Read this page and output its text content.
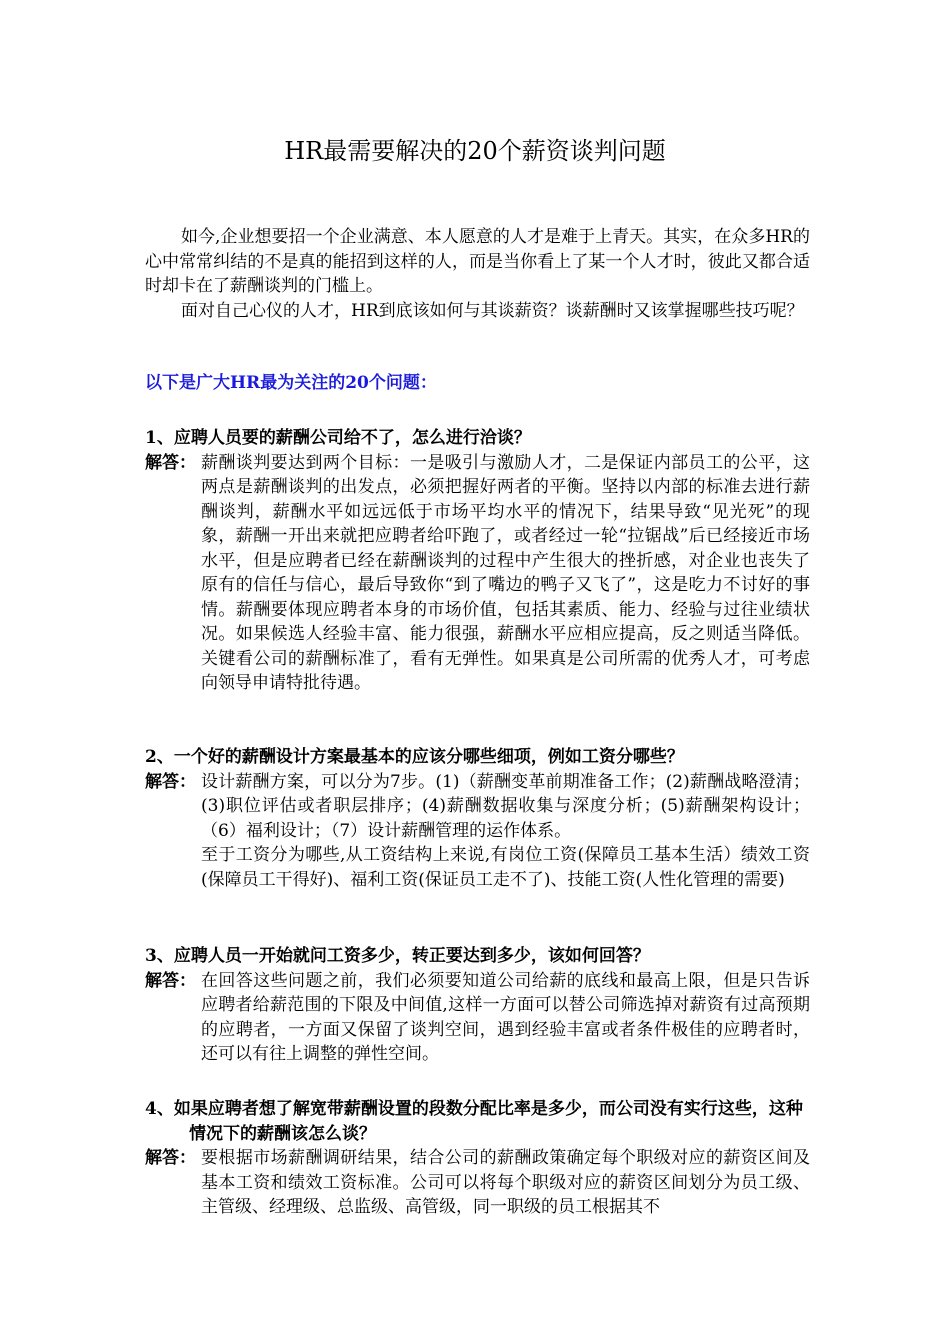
HR最需要解决的20个薪资谈判问题

如今,企业想要招一个企业满意、本人愿意的人才是难于上青天。其实，在众多HR的心中常常纠结的不是真的能招到这样的人，而是当你看上了某一个人才时，彼此又都合适时却卡在了薪酬谈判的门槛上。

面对自己心仪的人才，HR到底该如何与其谈薪资？谈薪酬时又该掌握哪些技巧呢？

以下是广大HR最为关注的20个问题：

1、应聘人员要的薪酬公司给不了，怎么进行洽谈？

解答： 薪酬谈判要达到两个目标：一是吸引与激励人才，二是保证内部员工的公平，这两点是薪酬谈判的出发点，必须把握好两者的平衡。坚持以内部的标准去进行薪酬谈判，薪酬水平如远远低于市场平均水平的情况下，结果导致“见光死”的现象，薪酬一开出来就把应聘者给吓跑了，或者经过一轮“拉锯战”后已经接近市场水平，但是应聘者已经在薪酬谈判的过程中产生很大的挫折感，对企业也丧失了原有的信任与信心，最后导致你“到了嘴边的鸭子又飞了”，这是吃力不讨好的事情。薪酬要体现应聘者本身的市场价值，包括其素质、能力、经验与过往业绩状况。如果候选人经验丰富、能力很强，薪酬水平应相应提高，反之则适当降低。关键看公司的薪酬标准了，看有无弹性。如果真是公司所需的优秀人才，可考虑向领导申请特批待遇。

2、一个好的薪酬设计方案最基本的应该分哪些细项，例如工资分哪些？

解答： 设计薪酬方案，可以分为7步。(1)（薪酬变革前期准备工作；(2)薪酬战略澄清；(3)职位评估或者职层排序；(4)薪酬数据收集与深度分析；(5)薪酬架构设计；（6）福利设计；（7）设计薪酬管理的运作体系。

至于工资分为哪些,从工资结构上来说,有岗位工资(保障员工基本生活）绩效工资(保障员工干得好)、福利工资(保证员工走不了)、技能工资(人性化管理的需要)

3、应聘人员一开始就问工资多少，转正要达到多少，该如何回答？

解答： 在回答这些问题之前，我们必须要知道公司给薪的底线和最高上限，但是只告诉应聘者给薪范围的下限及中间值,这样一方面可以替公司筛选掉对薪资有过高预期的应聘者，一方面又保留了谈判空间，遇到经验丰富或者条件极佳的应聘者时，还可以有往上调整的弹性空间。

4、如果应聘者想了解宽带薪酬设置的段数分配比率是多少，而公司没有实行这些，这种情况下的薪酬该怎么谈？

解答： 要根据市场薪酬调研结果，结合公司的薪酬政策确定每个职级对应的薪资区间及基本工资和绩效工资标准。公司可以将每个职级对应的薪资区间划分为员工级、主管级、经理级、总监级、高管级，同一职级的员工根据其不
